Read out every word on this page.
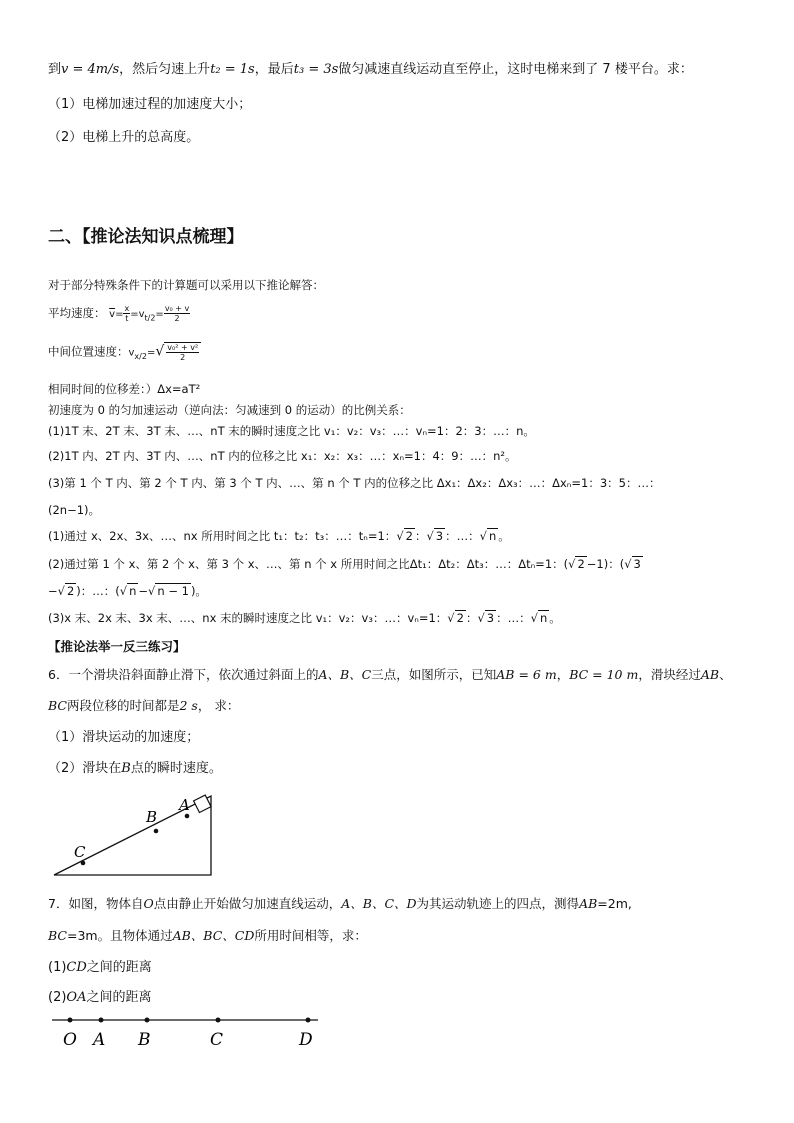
到v = 4m/s，然后匀速上升t₂ = 1s，最后t₃ = 3s做匀减速直线运动直至停止，这时电梯来到了 7 楼平台。求：
（1）电梯加速过程的加速度大小；
（2）电梯上升的总高度。
二、【推论法知识点梳理】
对于部分特殊条件下的计算题可以采用以下推论解答：
平均速度： $\overline{v}= \frac{x}{t} =v_{t/2}= \frac{\text{v₀ + v}}{2}$
中间位置速度：$v_{x/2}=√ \frac{\text{v₀² + v²}}{2}$
相同时间的位移差：）Δx=aT²
初速度为 0 的匀加速运动（逆向法：匀减速到 0 的运动）的比例关系：
(1)1T 末、2T 末、3T 末、…、nT 末的瞬时速度之比 v₁：v₂：v₃：…：vₙ=1：2：3：…：n。
(2)1T 内、2T 内、3T 内、…、nT 内的位移之比 x₁：x₂：x₃：…：xₙ=1：4：9：…：n²。
(3)第 1 个 T 内、第 2 个 T 内、第 3 个 T 内、…、第 n 个 T 内的位移之比 Δx₁：Δx₂：Δx₃：…：Δxₙ=1：3：5：…：
(2n−1)。
(1)通过 x、2x、3x、…、nx 所用时间之比 t₁：t₂：t₃：…：tₙ=1：√ 2 ：√ 3 ：…：√ n 。
(2)通过第 1 个 x、第 2 个 x、第 3 个 x、…、第 n 个 x 所用时间之比Δt₁：Δt₂：Δt₃：…：Δtₙ=1：(√ 2 −1)：(√ 3
−√ 2 )：…：(√ n −√ n − 1 )。
(3)x 末、2x 末、3x 末、…、nx 末的瞬时速度之比 v₁：v₂：v₃：…：vₙ=1：√ 2 ：√ 3 ：…：√ n 。
【推论法举一反三练习】
6．一个滑块沿斜面静止滑下，依次通过斜面上的A、B、C三点，如图所示，已知AB = 6 m，BC = 10 m，滑块经过AB、
BC两段位移的时间都是2 s， 求：
（1）滑块运动的加速度；
（2）滑块在B点的瞬时速度。
A
B
C
7．如图，物体自O点由静止开始做匀加速直线运动，A、B、C、D为其运动轨迹上的四点，测得AB=2m,
BC=3m。且物体通过AB、BC、CD所用时间相等，求：
(1)CD之间的距离
(2)OA之间的距离
O A B	C	D
